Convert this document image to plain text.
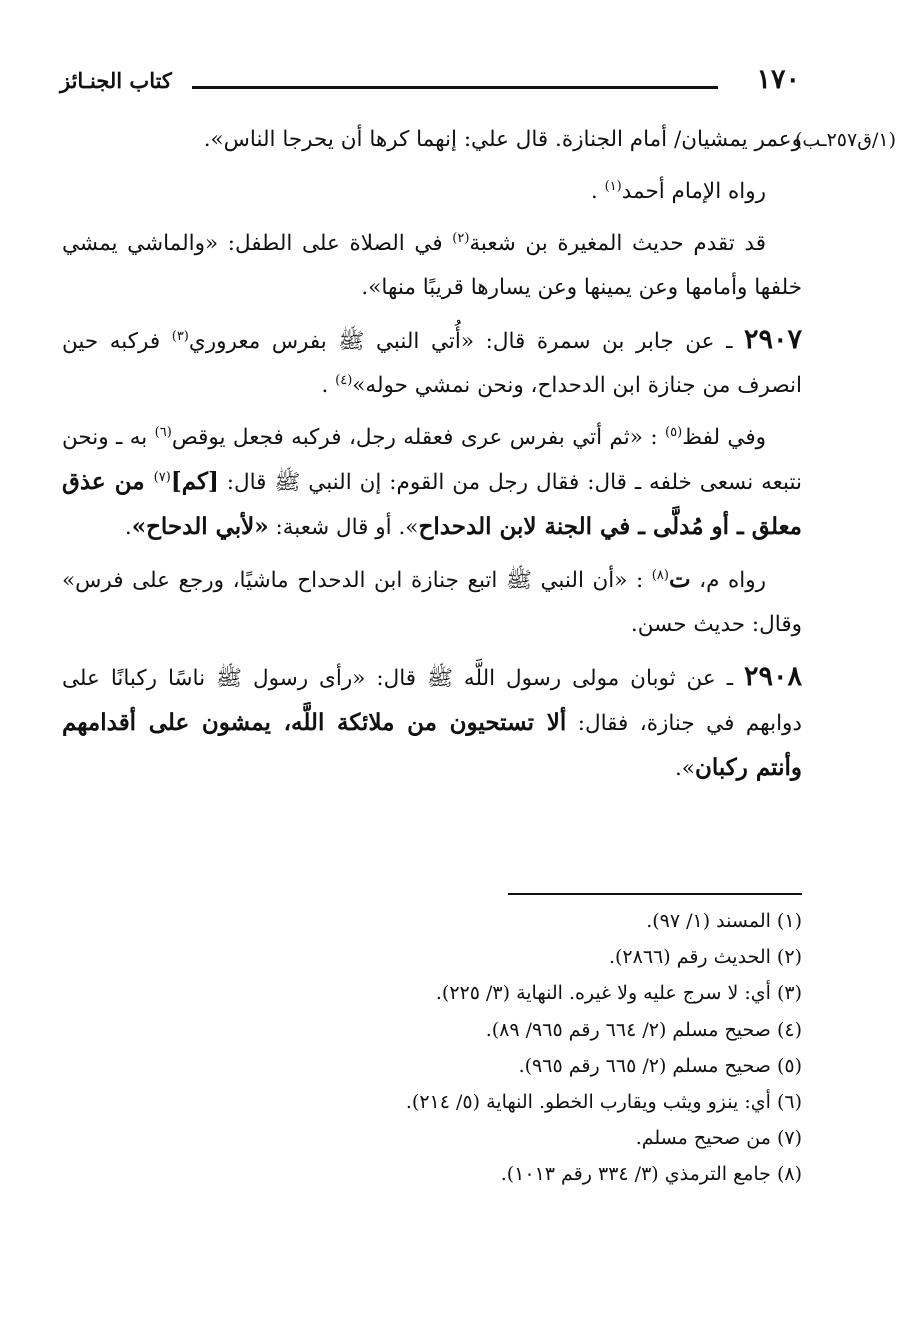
١٧٠
كتاب الجنـائز

(١/ق٢٥٧ـب)
وعمر يمشيان/ أمام الجنازة. قال علي: إنهما كرها أن يحرجا الناس».

رواه الإمام أحمد$^{(١)}$ .

قد تقدم حديث المغيرة بن شعبة$^{(٢)}$ في الصلاة على الطفل: «والماشي يمشي خلفها وأمامها وعن يمينها وعن يسارها قريبًا منها».

٢٩٠٧ ـ عن جابر بن سمرة قال: «أُتي النبي ﷺ بفرس معروري$^{(٣)}$ فركبه حين انصرف من جنازة ابن الدحداح، ونحن نمشي حوله»$^{(٤)}$ .

وفي لفظ$^{(٥)}$ : «ثم أتي بفرس عرى فعقله رجل، فركبه فجعل يوقص$^{(٦)}$ به ـ ونحن نتبعه نسعى خلفه ـ قال: فقال رجل من القوم: إن النبي ﷺ قال: [كم]$^{(٧)}$ من عذق معلق ـ أو مُدلَّى ـ في الجنة لابن الدحداح». أو قال شعبة: «لأبي الدحاح».

رواه م، ت$^{(٨)}$ : «أن النبي ﷺ اتبع جنازة ابن الدحداح ماشيًا، ورجع على فرس» وقال: حديث حسن.

٢٩٠٨ ـ عن ثوبان مولى رسول اللَّه ﷺ قال: «رأى رسول ﷺ ناسًا ركبانًا على دوابهم في جنازة، فقال: ألا تستحيون من ملائكة اللَّه، يمشون على أقدامهم وأنتم ركبان».

(١) المسند (١/ ٩٧).
(٢) الحديث رقم (٢٨٦٦).
(٣) أي: لا سرج عليه ولا غيره. النهاية (٣/ ٢٢٥).
(٤) صحيح مسلم (٢/ ٦٦٤ رقم ٩٦٥/ ٨٩).
(٥) صحيح مسلم (٢/ ٦٦٥ رقم ٩٦٥).
(٦) أي: ينزو ويثب ويقارب الخطو. النهاية (٥/ ٢١٤).
(٧) من صحيح مسلم.
(٨) جامع الترمذي (٣/ ٣٣٤ رقم ١٠١٣).
